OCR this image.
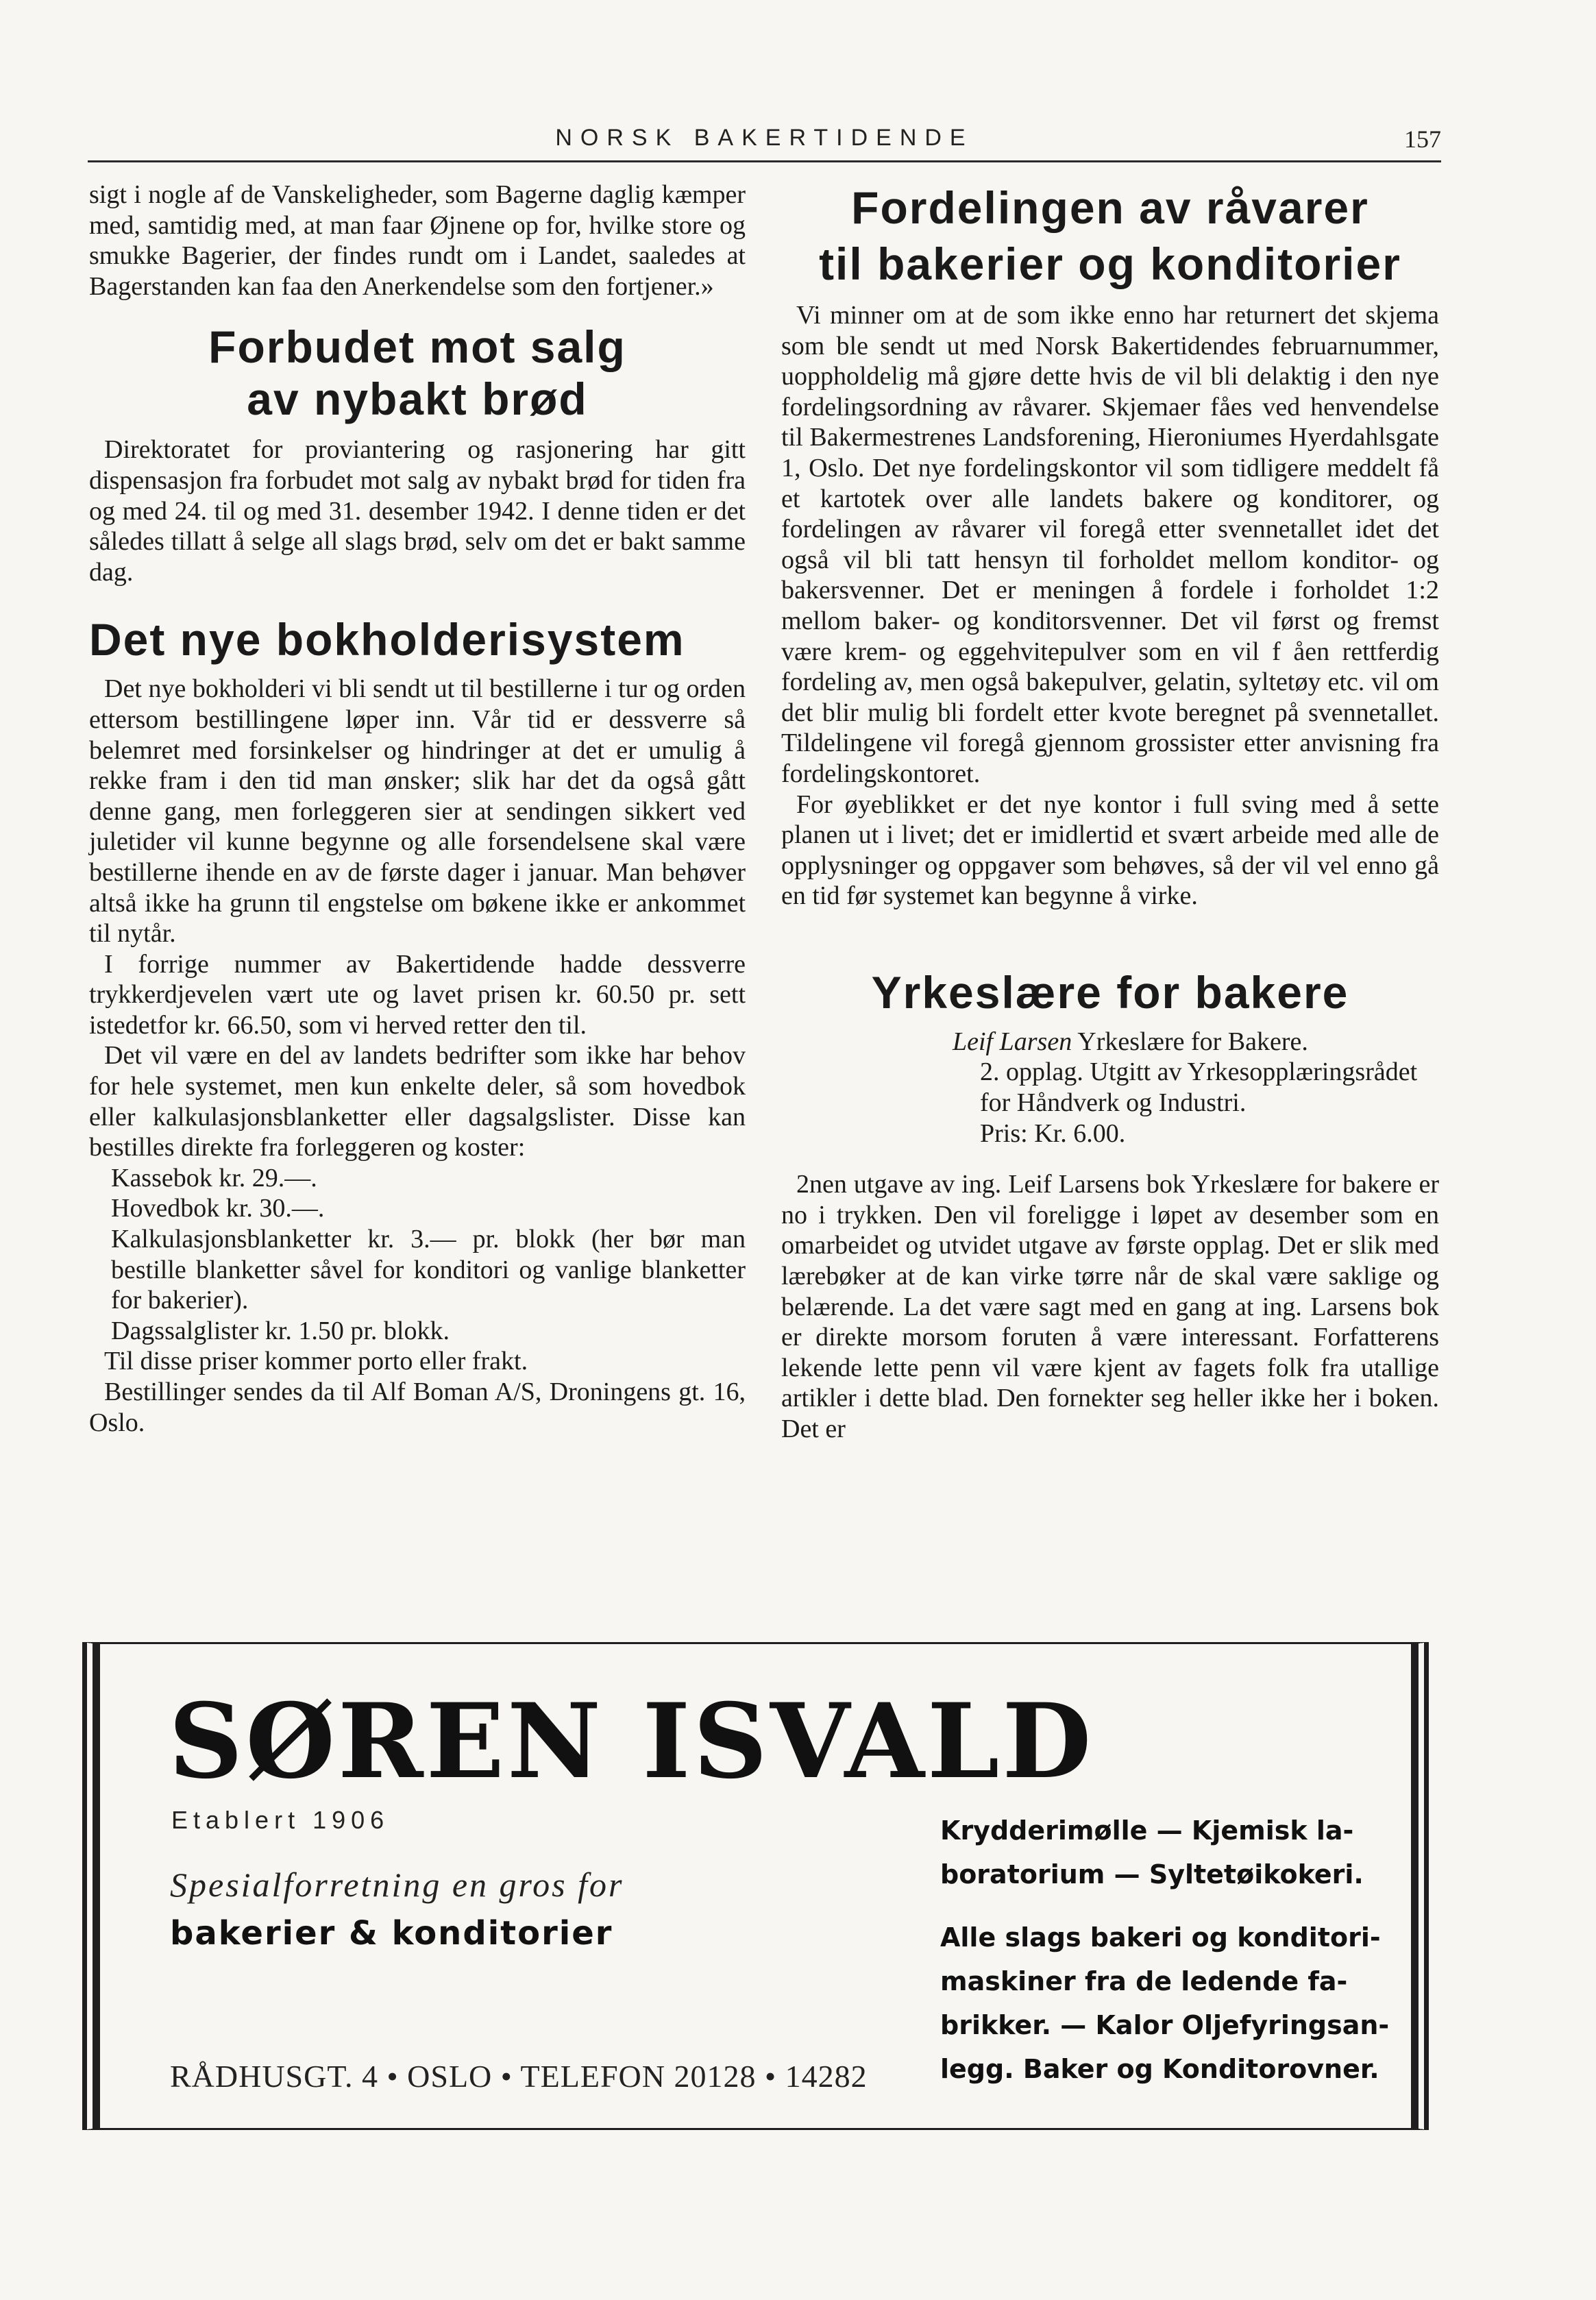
NORSK BAKERTIDENDE	157

sigt i nogle af de Vanskeligheder, som Bagerne daglig kæmper med, samtidig med, at man faar Øjnene op for, hvilke store og smukke Bagerier, der findes rundt om i Landet, saaledes at Bagerstanden kan faa den Anerkendelse som den fortjener.»

Forbudet mot salg
av nybakt brød

Direktoratet for proviantering og rasjonering har gitt dispensasjon fra forbudet mot salg av nybakt brød for tiden fra og med 24. til og med 31. desember 1942. I denne tiden er det således tillatt å selge all slags brød, selv om det er bakt samme dag.

Det nye bokholderisystem

Det nye bokholderi vi bli sendt ut til bestillerne i tur og orden ettersom bestillingene løper inn. Vår tid er dessverre så belemret med forsinkelser og hindringer at det er umulig å rekke fram i den tid man ønsker; slik har det da også gått denne gang, men forleggeren sier at sendingen sikkert ved juletider vil kunne begynne og alle forsendelsene skal være bestillerne ihende en av de første dager i januar. Man behøver altså ikke ha grunn til engstelse om bøkene ikke er ankommet til nytår.

I forrige nummer av Bakertidende hadde dessverre trykkerdjevelen vært ute og lavet prisen kr. 60.50 pr. sett istedetfor kr. 66.50, som vi herved retter den til.

Det vil være en del av landets bedrifter som ikke har behov for hele systemet, men kun enkelte deler, så som hovedbok eller kalkulasjonsblanketter eller dagsalgslister. Disse kan bestilles direkte fra forleggeren og koster:

Kassebok kr. 29.—.

Hovedbok kr. 30.—.

Kalkulasjonsblanketter kr. 3.— pr. blokk (her bør man bestille blanketter såvel for konditori og vanlige blanketter for bakerier).

Dagssalglister kr. 1.50 pr. blokk.

Til disse priser kommer porto eller frakt.

Bestillinger sendes da til Alf Boman A/S, Droningens gt. 16, Oslo.

Fordelingen av råvarer
til bakerier og konditorier

Vi minner om at de som ikke enno har returnert det skjema som ble sendt ut med Norsk Bakertidendes februarnummer, uoppholdelig må gjøre dette hvis de vil bli delaktig i den nye fordelingsordning av råvarer. Skjemaer fåes ved henvendelse til Bakermestrenes Landsforening, Hieroniumes Hyerdahlsgate 1, Oslo. Det nye fordelingskontor vil som tidligere meddelt få et kartotek over alle landets bakere og konditorer, og fordelingen av råvarer vil foregå etter svennetallet idet det også vil bli tatt hensyn til forholdet mellom konditor- og bakersvenner. Det er meningen å fordele i forholdet 1:2 mellom baker- og konditorsvenner. Det vil først og fremst være krem- og eggehvitepulver som en vil f åen rettferdig fordeling av, men også bakepulver, gelatin, syltetøy etc. vil om det blir mulig bli fordelt etter kvote beregnet på svennetallet. Tildelingene vil foregå gjennom grossister etter anvisning fra fordelingskontoret.

For øyeblikket er det nye kontor i full sving med å sette planen ut i livet; det er imidlertid et svært arbeide med alle de opplysninger og oppgaver som behøves, så der vil vel enno gå en tid før systemet kan begynne å virke.

Yrkeslære for bakere
Leif Larsen Yrkeslære for Bakere.
2. opplag. Utgitt av Yrkesopplæringsrådet for Håndverk og Industri.
Pris: Kr. 6.00.

2nen utgave av ing. Leif Larsens bok Yrkeslære for bakere er no i trykken. Den vil foreligge i løpet av desember som en omarbeidet og utvidet utgave av første opplag. Det er slik med lærebøker at de kan virke tørre når de skal være saklige og belærende. La det være sagt med en gang at ing. Larsens bok er direkte morsom foruten å være interessant. Forfatterens lekende lette penn vil være kjent av fagets folk fra utallige artikler i dette blad. Den fornekter seg heller ikke her i boken. Det er

SØREN ISVALD
Etablert 1906
Spesialforretning en gros for
bakerier & konditorier
RÅDHUSGT. 4 • OSLO • TELEFON 20128 • 14282
Krydderimølle — Kjemisk la-
boratorium — Syltetøikokeri.
Alle slags bakeri og konditori-
maskiner fra de ledende fa-
brikker. — Kalor Oljefyringsan-
legg. Baker og Konditorovner.
